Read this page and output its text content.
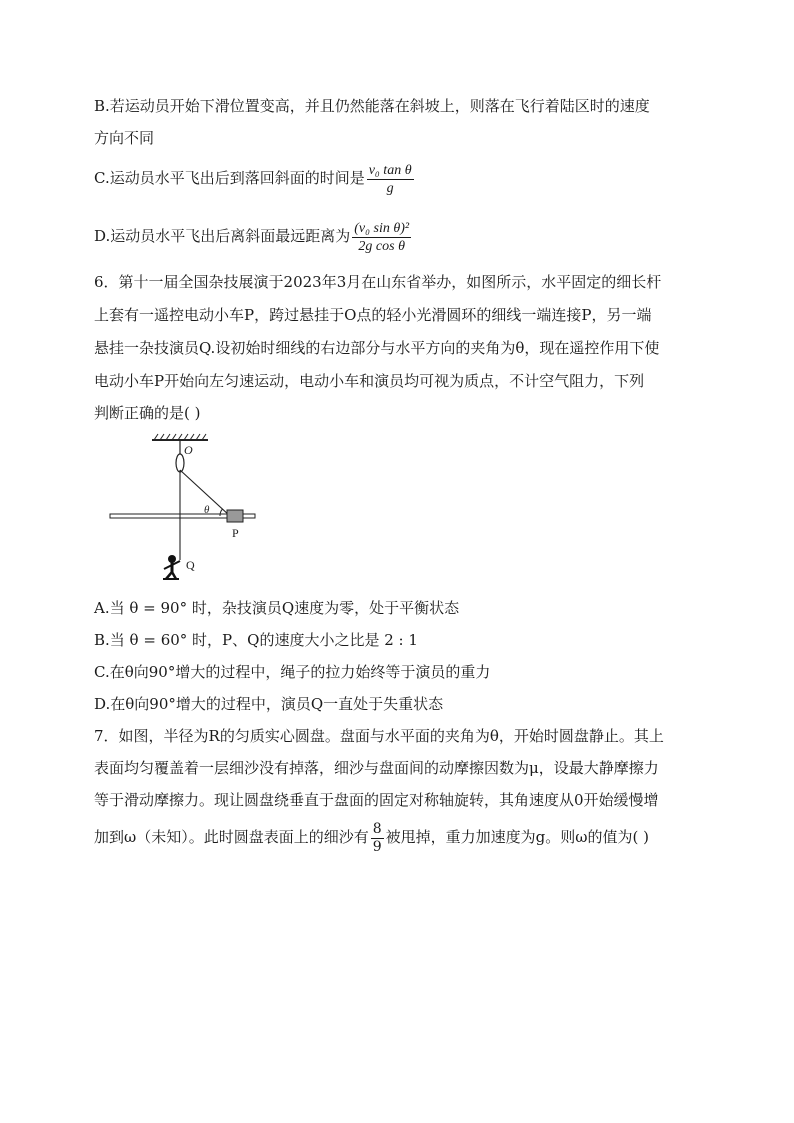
B.若运动员开始下滑位置变高，并且仍然能落在斜坡上，则落在飞行着陆区时的速度
方向不同
C.运动员水平飞出后到落回斜面的时间是 $\frac{\text{v₀ tan θ}}{g}$
D.运动员水平飞出后离斜面最远距离为 $\frac{\text{(v₀ sin θ)²}}{\text{2g cos θ}}$
6．第十一届全国杂技展演于2023年3月在山东省举办，如图所示，水平固定的细长杆
上套有一遥控电动小车P，跨过悬挂于O点的轻小光滑圆环的细线一端连接P，另一端
悬挂一杂技演员Q.设初始时细线的右边部分与水平方向的夹角为θ，现在遥控作用下使
电动小车P开始向左匀速运动，电动小车和演员均可视为质点，不计空气阻力，下列
判断正确的是( )
O
θ
P
Q
A.当 θ = 90° 时，杂技演员Q速度为零，处于平衡状态
B.当 θ = 60° 时，P、Q的速度大小之比是 2 : 1
C.在θ向90°增大的过程中，绳子的拉力始终等于演员的重力
D.在θ向90°增大的过程中，演员Q一直处于失重状态
7．如图，半径为R的匀质实心圆盘。盘面与水平面的夹角为θ，开始时圆盘静止。其上
表面均匀覆盖着一层细沙没有掉落，细沙与盘面间的动摩擦因数为μ，设最大静摩擦力
等于滑动摩擦力。现让圆盘绕垂直于盘面的固定对称轴旋转，其角速度从0开始缓慢增
加到ω（未知）。此时圆盘表面上的细沙有 $\frac{8}{9}$ 被甩掉，重力加速度为g。则ω的值为( )
